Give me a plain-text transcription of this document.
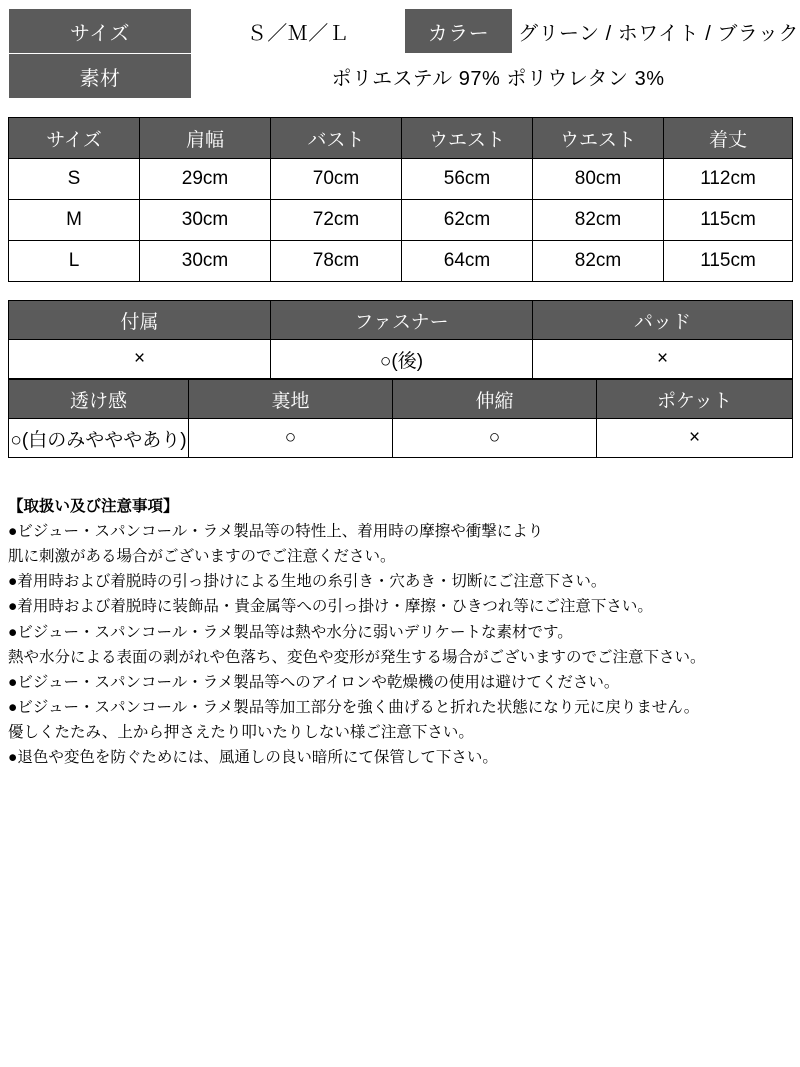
サイズ	Ｓ／Ｍ／Ｌ	カラー	グリーン / ホワイト / ブラック
素材	ポリエステル 97% ポリウレタン 3%		
サイズ	肩幅	バスト	ウエスト	ウエスト	着丈
S	29cm	70cm	56cm	80cm	112cm
M	30cm	72cm	62cm	82cm	115cm
L	30cm	78cm	64cm	82cm	115cm
付属	ファスナー	パッド
×	○(後)	×
透け感	裏地	伸縮	ポケット
○(白のみやややあり)	○	○	×

【取扱い及び注意事項】

●ビジュー・スパンコール・ラメ製品等の特性上、着用時の摩擦や衝撃により

肌に刺激がある場合がございますのでご注意ください。

●着用時および着脱時の引っ掛けによる生地の糸引き・穴あき・切断にご注意下さい。

●着用時および着脱時に装飾品・貴金属等への引っ掛け・摩擦・ひきつれ等にご注意下さい。

●ビジュー・スパンコール・ラメ製品等は熱や水分に弱いデリケートな素材です。

熱や水分による表面の剥がれや色落ち、変色や変形が発生する場合がございますのでご注意下さい。

●ビジュー・スパンコール・ラメ製品等へのアイロンや乾燥機の使用は避けてください。

●ビジュー・スパンコール・ラメ製品等加工部分を強く曲げると折れた状態になり元に戻りません。

優しくたたみ、上から押さえたり叩いたりしない様ご注意下さい。

●退色や変色を防ぐためには、風通しの良い暗所にて保管して下さい。
